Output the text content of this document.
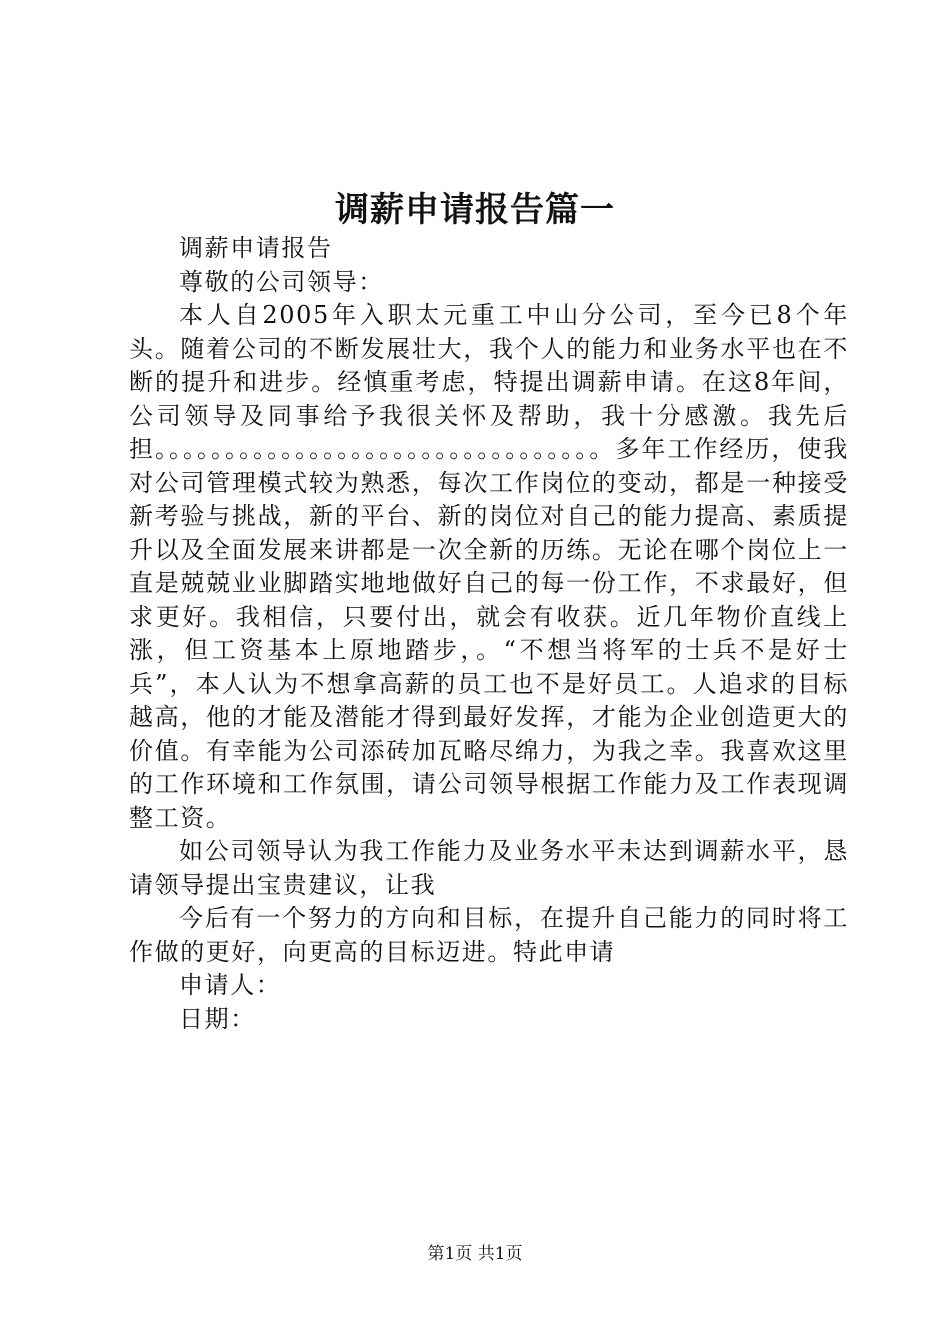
调薪申请报告篇一

调薪申请报告

尊敬的公司领导：

本人自2005年入职太元重工中山分公司，至今已8个年头。随着公司的不断发展壮大，我个人的能力和业务水平也在不断的提升和进步。经慎重考虑，特提出调薪申请。在这8年间，公司领导及同事给予我很关怀及帮助，我十分感激。我先后担。。。。。。。。。。。。。。。。。。。。。。。。。。。。。。。。多年工作经历，使我对公司管理模式较为熟悉，每次工作岗位的变动，都是一种接受新考验与挑战，新的平台、新的岗位对自己的能力提高、素质提升以及全面发展来讲都是一次全新的历练。无论在哪个岗位上一直是兢兢业业脚踏实地地做好自己的每一份工作，不求最好，但求更好。我相信，只要付出，就会有收获。近几年物价直线上涨，但工资基本上原地踏步，。“不想当将军的士兵不是好士兵”，本人认为不想拿高薪的员工也不是好员工。人追求的目标越高，他的才能及潜能才得到最好发挥，才能为企业创造更大的价值。有幸能为公司添砖加瓦略尽绵力，为我之幸。我喜欢这里的工作环境和工作氛围，请公司领导根据工作能力及工作表现调整工资。

如公司领导认为我工作能力及业务水平未达到调薪水平，恳请领导提出宝贵建议，让我

今后有一个努力的方向和目标，在提升自己能力的同时将工作做的更好，向更高的目标迈进。特此申请

申请人：

日期：

第1页 共1页
